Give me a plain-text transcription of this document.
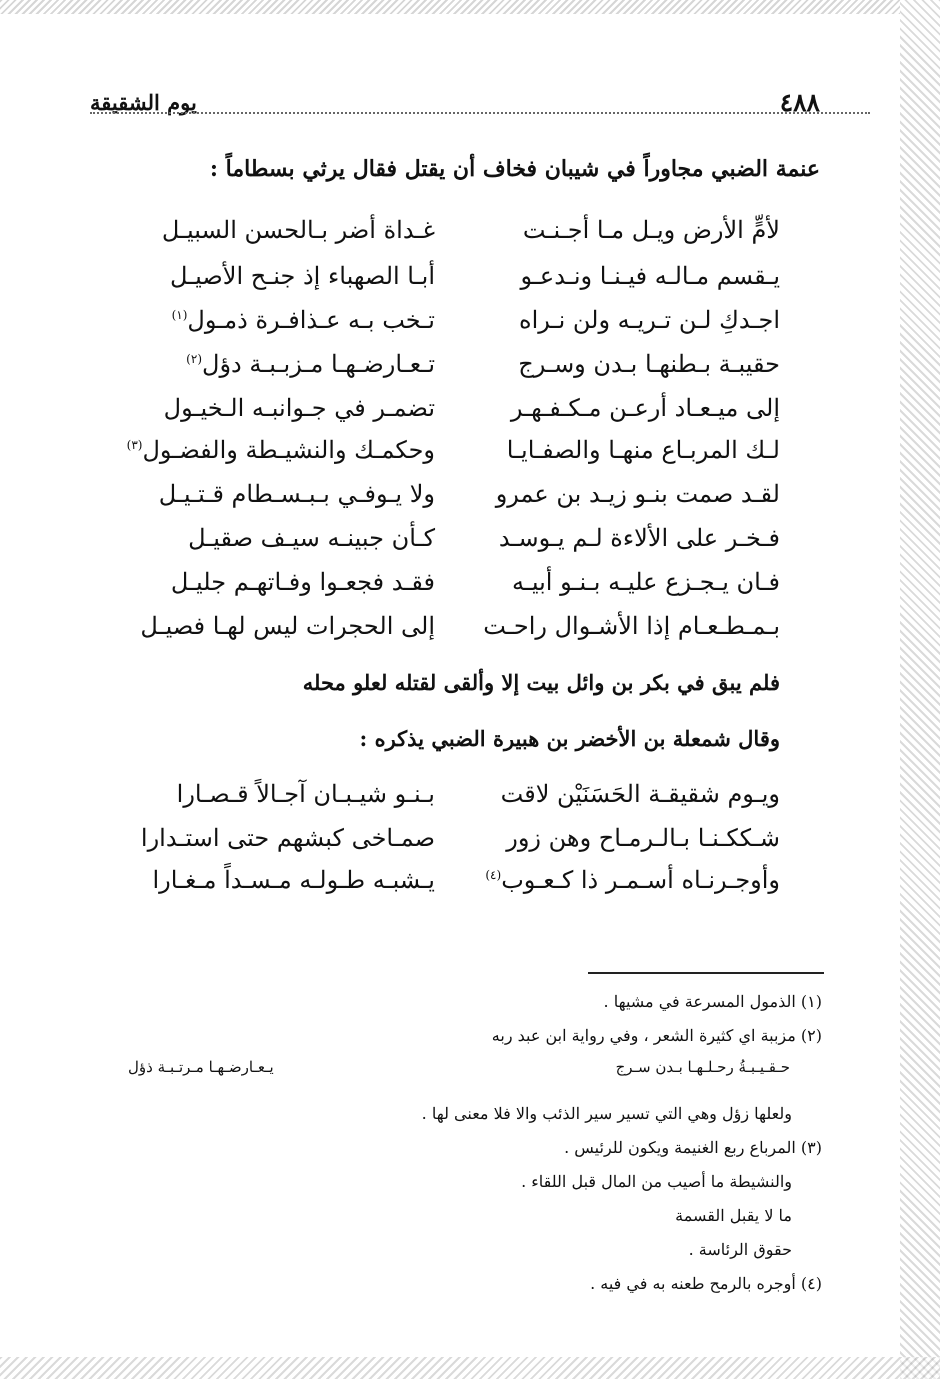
٤٨٨
يوم الشقيقة
عنمة الضبي مجاوراً في شيبان فخاف أن يقتل فقال يرثي بسطاماً :
لأمٍّ الأرض ويـل مـا أجـنـت
غـداة أضر بـالحسن السبيـل
يـقسم مـالـه فيـنـا ونـدعـو
أبـا الصهباء إذ جنـح الأصيـل
اجـدكِ لـن تـريـه ولن نـراه
تـخب بـه عـذافـرة ذمـول$^{(١)}$
حقيبـة بـطنهـا بـدن وسـرج
تـعـارضـهـا مـزبـبـة دؤل$^{(٢)}$
إلى ميـعـاد أرعـن مـكـفـهـر
تضمـر في جـوانبـه الـخيـول
لـك المربـاع منهـا والصفـايـا
وحكمـك والنشيـطة والفضـول$^{(٣)}$
لقـد صمت بنـو زيـد بن عمرو
ولا يـوفـي بـبـسـطام قـتـيـل
فـخـر على الألاءة لـم يـوسـد
كـأن جبينـه سيـف صقيـل
فـان يـجـزع عليـه بـنـو أبيـه
فقـد فجعـوا وفـاتهـم جليـل
بـمـطـعـام إذا الأشـوال راحـت
إلى الحجرات ليس لهـا فصيـل
فلم يبق في بكر بن وائل بيت إلا وألقى لقتله لعلو محله
وقال شمعلة بن الأخضر بن هبيرة الضبي يذكره :
ويـوم شقيقـة الحَسَنَيْن لاقت
بـنـو شيـبـان آجـالاً قـصـارا
شـككـنـا بـالـرمـاح وهن زور
صمـاخى كبشهم حتى استـدارا
وأوجـرنـاه أسـمـر ذا كـعـوب$^{(٤)}$
يـشبـه طـولـه مـسـداً مـغـارا
(١) الذمول المسرعة في مشيها .
(٢) مزببة اي كثيرة الشعر ، وفي رواية ابن عبد ربه
حـقـيـبـةُ رحـلـهـا بـدن سـرج
يـعـارضـهـا مـرتـبـة ذؤل
ولعلها زؤل وهي التي تسير سير الذئب والا فلا معنى لها .
(٣) المرباع ربع الغنيمة ويكون للرئيس .
والنشيطة ما أصيب من المال قبل اللقاء .
ما لا يقبل القسمة
حقوق الرئاسة .
(٤) أوجره بالرمح طعنه به في فيه .
